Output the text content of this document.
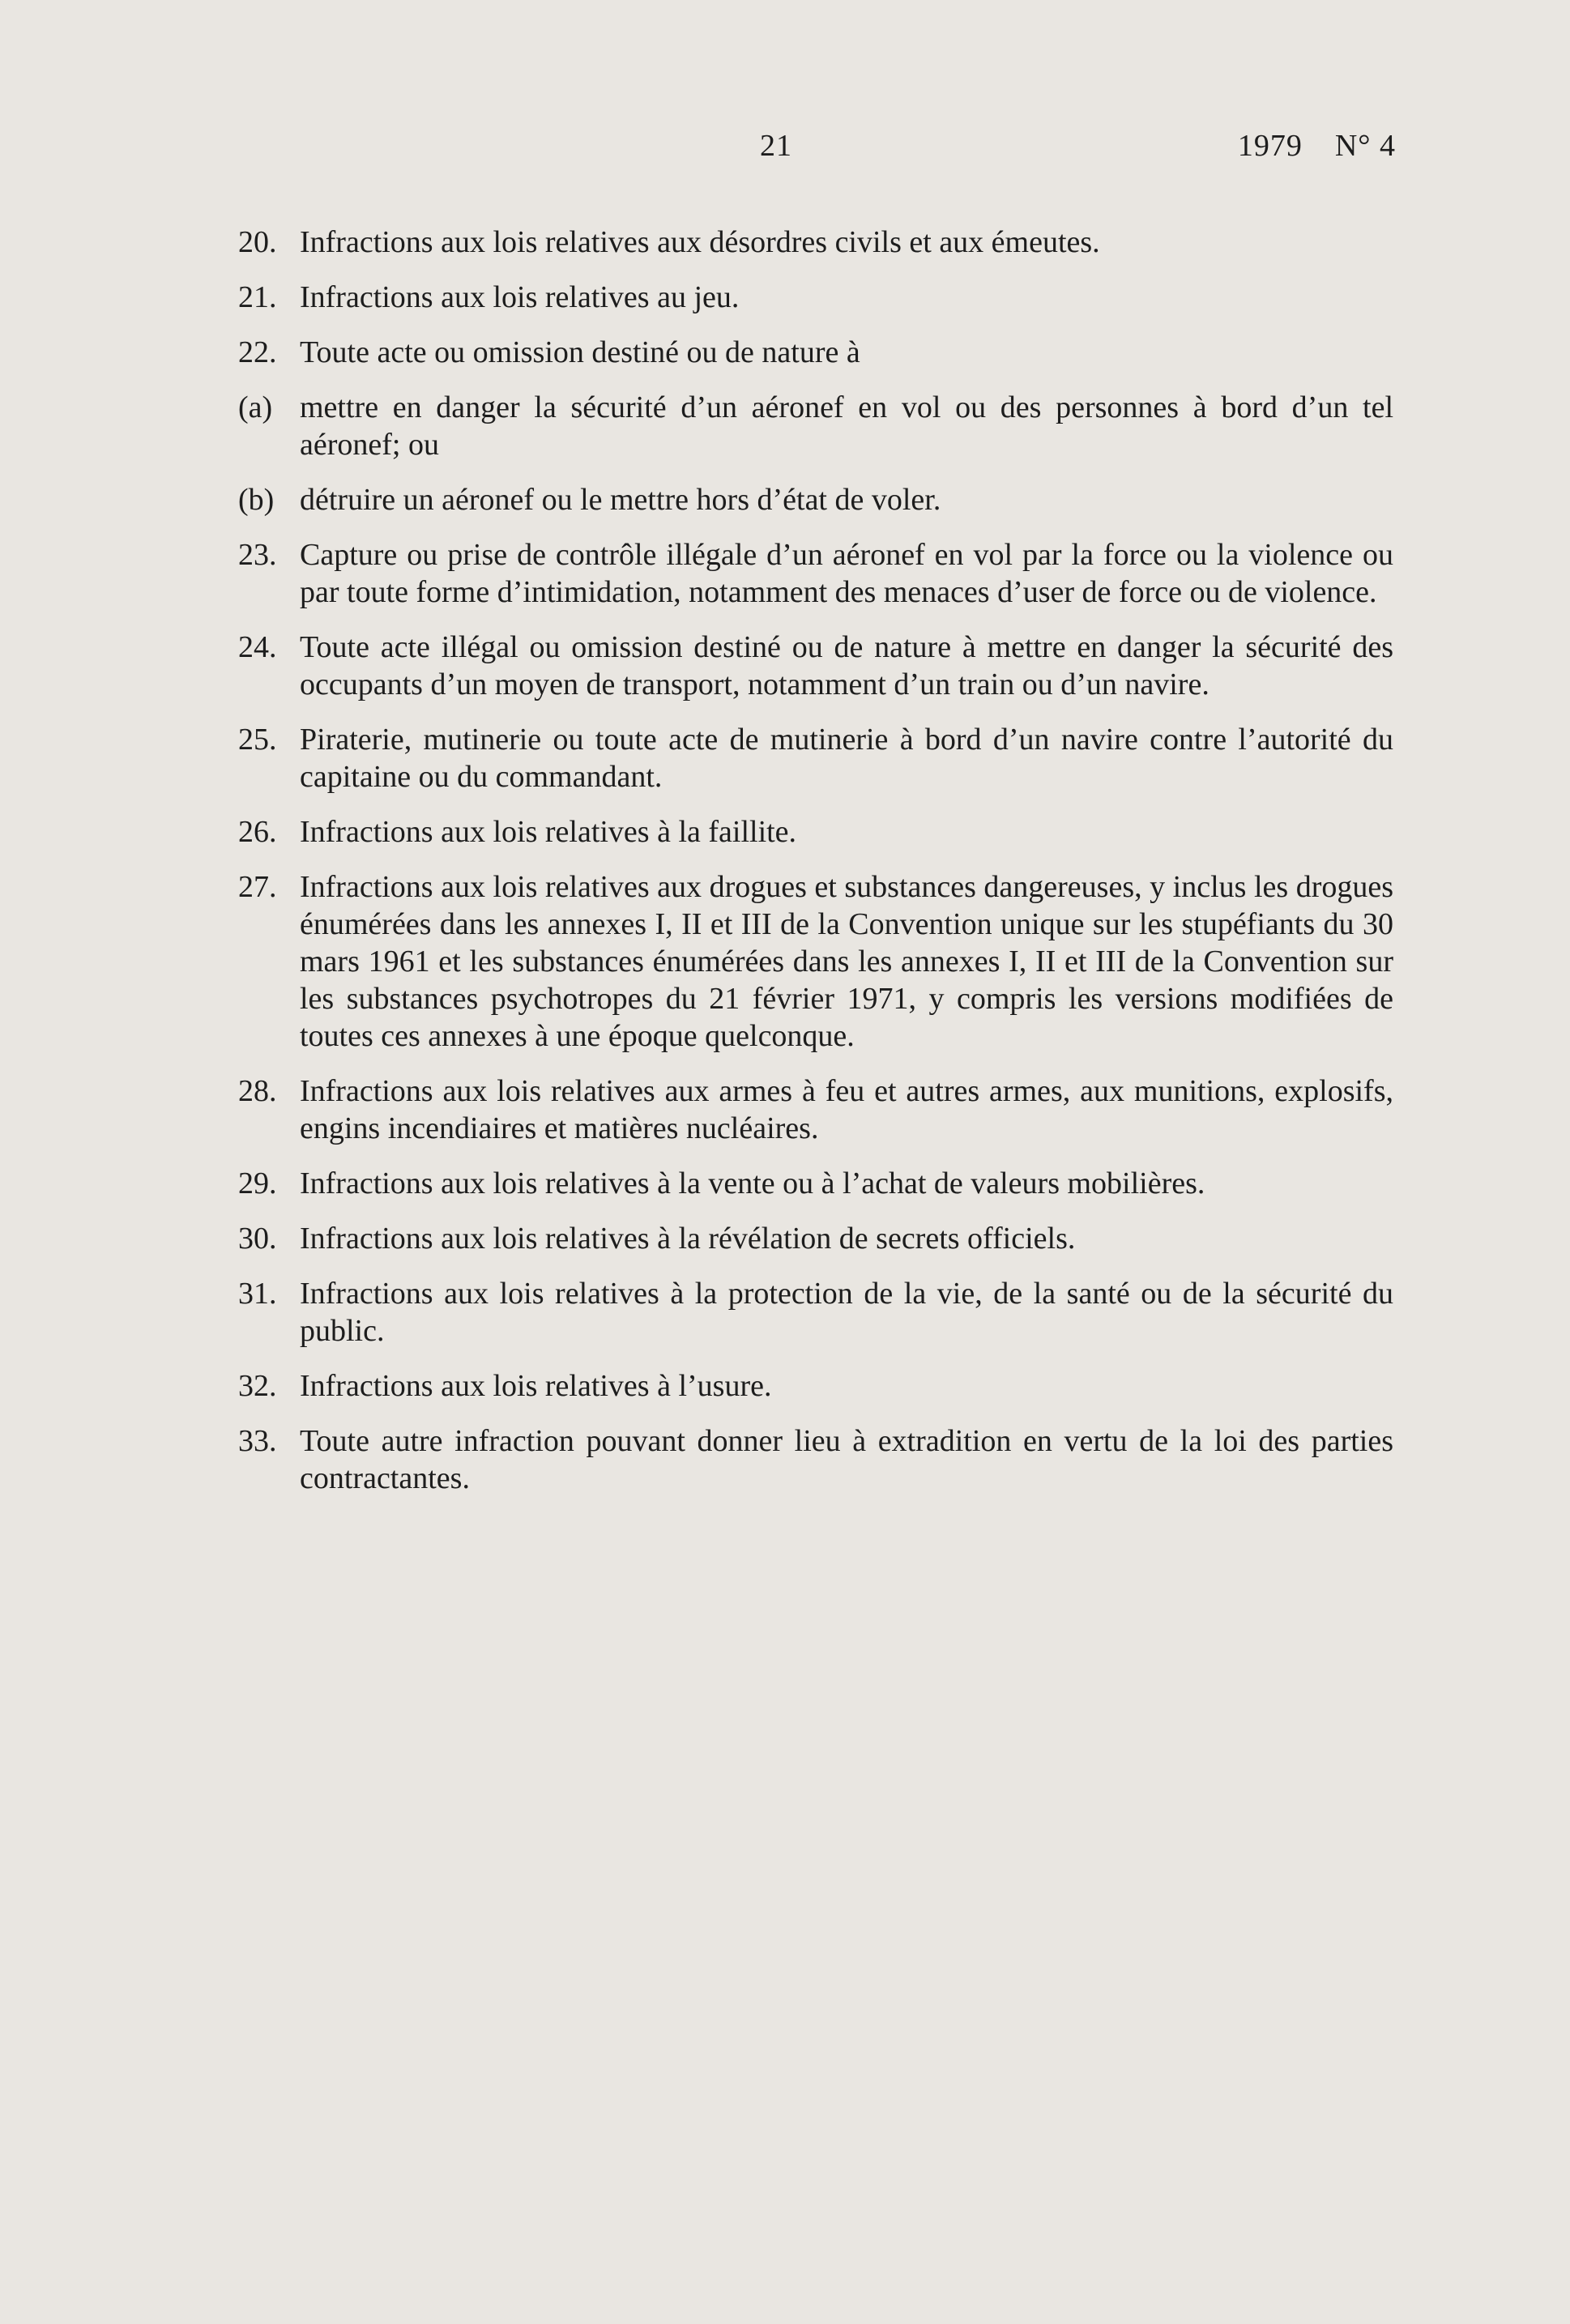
21	1979 N° 4
20. Infractions aux lois relatives aux désordres civils et aux émeutes.
21. Infractions aux lois relatives au jeu.
22. Toute acte ou omission destiné ou de nature à
(a) mettre en danger la sécurité d’un aéronef en vol ou des personnes à bord d’un tel aéronef; ou
(b) détruire un aéronef ou le mettre hors d’état de voler.
23. Capture ou prise de contrôle illégale d’un aéronef en vol par la force ou la violence ou par toute forme d’intimidation, notamment des menaces d’user de force ou de violence.
24. Toute acte illégal ou omission destiné ou de nature à mettre en danger la sécurité des occupants d’un moyen de transport, notamment d’un train ou d’un navire.
25. Piraterie, mutinerie ou toute acte de mutinerie à bord d’un navire contre l’autorité du capitaine ou du commandant.
26. Infractions aux lois relatives à la faillite.
27. Infractions aux lois relatives aux drogues et substances dangereuses, y inclus les drogues énumérées dans les annexes I, II et III de la Convention unique sur les stupéfiants du 30 mars 1961 et les substances énumérées dans les annexes I, II et III de la Convention sur les substances psychotropes du 21 février 1971, y compris les versions modifiées de toutes ces annexes à une époque quelconque.
28. Infractions aux lois relatives aux armes à feu et autres armes, aux munitions, explosifs, engins incendiaires et matières nucléaires.
29. Infractions aux lois relatives à la vente ou à l’achat de valeurs mobilières.
30. Infractions aux lois relatives à la révélation de secrets officiels.
31. Infractions aux lois relatives à la protection de la vie, de la santé ou de la sécurité du public.
32. Infractions aux lois relatives à l’usure.
33. Toute autre infraction pouvant donner lieu à extradition en vertu de la loi des parties contractantes.
